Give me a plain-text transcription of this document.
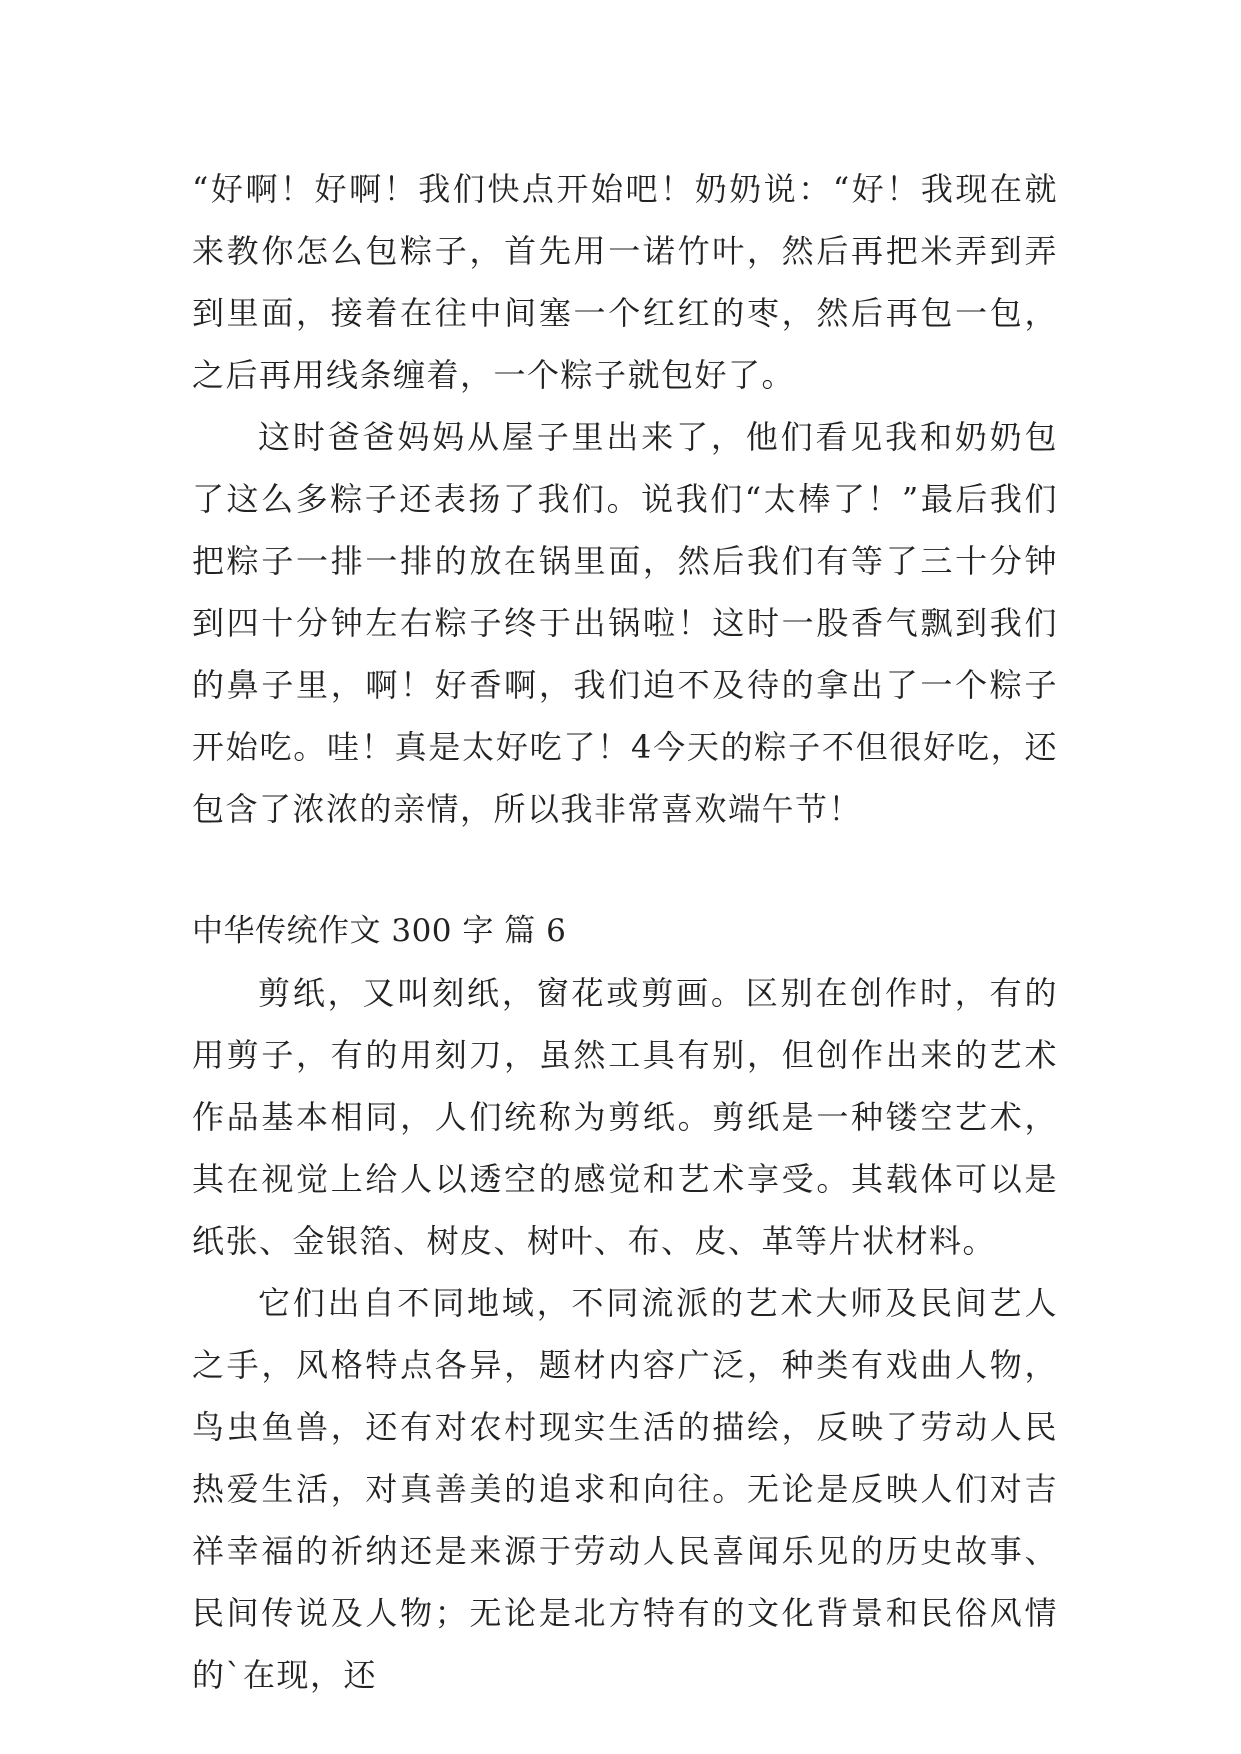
“好啊！好啊！我们快点开始吧！奶奶说：“好！我现在就来教你怎么包粽子，首先用一诺竹叶，然后再把米弄到弄到里面，接着在往中间塞一个红红的枣，然后再包一包，之后再用线条缠着，一个粽子就包好了。

这时爸爸妈妈从屋子里出来了，他们看见我和奶奶包了这么多粽子还表扬了我们。说我们“太棒了！”最后我们把粽子一排一排的放在锅里面，然后我们有等了三十分钟到四十分钟左右粽子终于出锅啦！这时一股香气飘到我们的鼻子里，啊！好香啊，我们迫不及待的拿出了一个粽子开始吃。哇！真是太好吃了！4今天的粽子不但很好吃，还包含了浓浓的亲情，所以我非常喜欢端午节！

中华传统作文 300 字 篇 6

剪纸，又叫刻纸，窗花或剪画。区别在创作时，有的用剪子，有的用刻刀，虽然工具有别，但创作出来的艺术作品基本相同，人们统称为剪纸。剪纸是一种镂空艺术，其在视觉上给人以透空的感觉和艺术享受。其载体可以是纸张、金银箔、树皮、树叶、布、皮、革等片状材料。

它们出自不同地域，不同流派的艺术大师及民间艺人之手，风格特点各异，题材内容广泛，种类有戏曲人物，鸟虫鱼兽，还有对农村现实生活的描绘，反映了劳动人民热爱生活，对真善美的追求和向往。无论是反映人们对吉祥幸福的祈纳还是来源于劳动人民喜闻乐见的历史故事、民间传说及人物；无论是北方特有的文化背景和民俗风情的`在现，还
